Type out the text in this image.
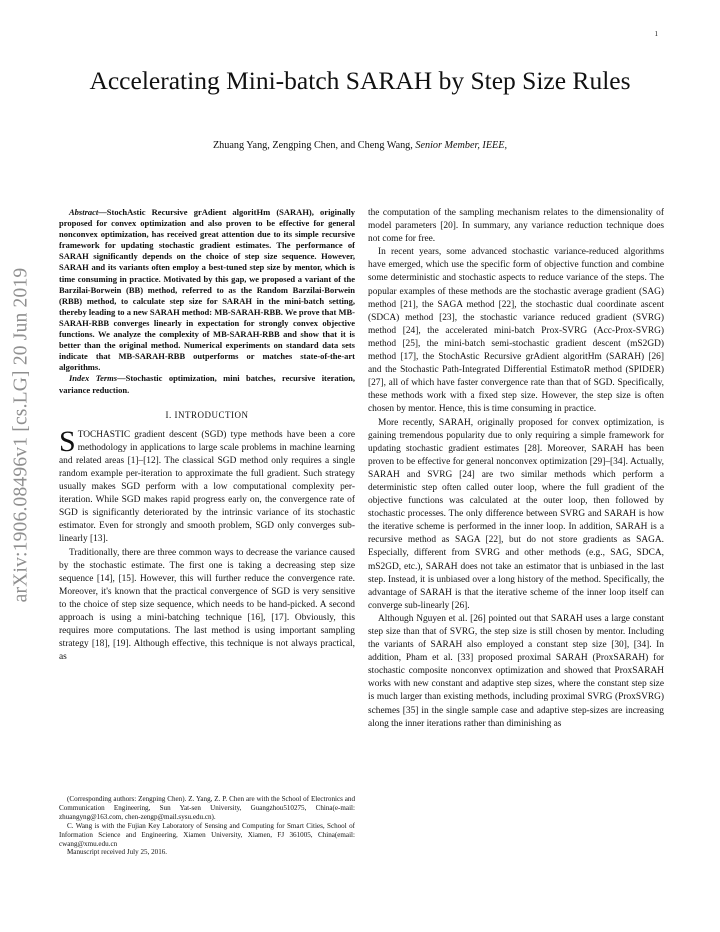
1
arXiv:1906.08496v1 [cs.LG] 20 Jun 2019
Accelerating Mini-batch SARAH by Step Size Rules
Zhuang Yang, Zengping Chen, and Cheng Wang, Senior Member, IEEE,

Abstract—StochAstic Recursive grAdient algoritHm (SARAH), originally proposed for convex optimization and also proven to be effective for general nonconvex optimization, has received great attention due to its simple recursive framework for updating stochastic gradient estimates. The performance of SARAH significantly depends on the choice of step size sequence. However, SARAH and its variants often employ a best-tuned step size by mentor, which is time consuming in practice. Motivated by this gap, we proposed a variant of the Barzilai-Borwein (BB) method, referred to as the Random Barzilai-Borwein (RBB) method, to calculate step size for SARAH in the mini-batch setting, thereby leading to a new SARAH method: MB-SARAH-RBB. We prove that MB-SARAH-RBB converges linearly in expectation for strongly convex objective functions. We analyze the complexity of MB-SARAH-RBB and show that it is better than the original method. Numerical experiments on standard data sets indicate that MB-SARAH-RBB outperforms or matches state-of-the-art algorithms.

Index Terms—Stochastic optimization, mini batches, recursive iteration, variance reduction.

I. INTRODUCTION

STOCHASTIC gradient descent (SGD) type methods have been a core methodology in applications to large scale problems in machine learning and related areas [1]–[12]. The classical SGD method only requires a single random example per-iteration to approximate the full gradient. Such strategy usually makes SGD perform with a low computational complexity per-iteration. While SGD makes rapid progress early on, the convergence rate of SGD is significantly deteriorated by the intrinsic variance of its stochastic estimator. Even for strongly and smooth problem, SGD only converges sub-linearly [13].

Traditionally, there are three common ways to decrease the variance caused by the stochastic estimate. The first one is taking a decreasing step size sequence [14], [15]. However, this will further reduce the convergence rate. Moreover, it's known that the practical convergence of SGD is very sensitive to the choice of step size sequence, which needs to be hand-picked. A second approach is using a mini-batching technique [16], [17]. Obviously, this requires more computations. The last method is using important sampling strategy [18], [19]. Although effective, this technique is not always practical, as

(Corresponding authors: Zengping Chen). Z. Yang, Z. P. Chen are with the School of Electronics and Communication Engineering, Sun Yat-sen University, Guangzhou510275, China(e-mail: zhuangyng@163.com, chen-zengp@mail.sysu.edu.cn).

C. Wang is with the Fujian Key Laboratory of Sensing and Computing for Smart Cities, School of Information Science and Engineering, Xiamen University, Xiamen, FJ 361005, China(email: cwang@xmu.edu.cn

Manuscript received July 25, 2016.

the computation of the sampling mechanism relates to the dimensionality of model parameters [20]. In summary, any variance reduction technique does not come for free.

In recent years, some advanced stochastic variance-reduced algorithms have emerged, which use the specific form of objective function and combine some deterministic and stochastic aspects to reduce variance of the steps. The popular examples of these methods are the stochastic average gradient (SAG) method [21], the SAGA method [22], the stochastic dual coordinate ascent (SDCA) method [23], the stochastic variance reduced gradient (SVRG) method [24], the accelerated mini-batch Prox-SVRG (Acc-Prox-SVRG) method [25], the mini-batch semi-stochastic gradient descent (mS2GD) method [17], the StochAstic Recursive grAdient algoritHm (SARAH) [26] and the Stochastic Path-Integrated Differential EstimatoR method (SPIDER) [27], all of which have faster convergence rate than that of SGD. Specifically, these methods work with a fixed step size. However, the step size is often chosen by mentor. Hence, this is time consuming in practice.

More recently, SARAH, originally proposed for convex optimization, is gaining tremendous popularity due to only requiring a simple framework for updating stochastic gradient estimates [28]. Moreover, SARAH has been proven to be effective for general nonconvex optimization [29]–[34]. Actually, SARAH and SVRG [24] are two similar methods which perform a deterministic step often called outer loop, where the full gradient of the objective functions was calculated at the outer loop, then followed by stochastic processes. The only difference between SVRG and SARAH is how the iterative scheme is performed in the inner loop. In addition, SARAH is a recursive method as SAGA [22], but do not store gradients as SAGA. Especially, different from SVRG and other methods (e.g., SAG, SDCA, mS2GD, etc.), SARAH does not take an estimator that is unbiased in the last step. Instead, it is unbiased over a long history of the method. Specifically, the advantage of SARAH is that the iterative scheme of the inner loop itself can converge sub-linearly [26].

Although Nguyen et al. [26] pointed out that SARAH uses a large constant step size than that of SVRG, the step size is still chosen by mentor. Including the variants of SARAH also employed a constant step size [30], [34]. In addition, Pham et al. [33] proposed proximal SARAH (ProxSARAH) for stochastic composite nonconvex optimization and showed that ProxSARAH works with new constant and adaptive step sizes, where the constant step size is much larger than existing methods, including proximal SVRG (ProxSVRG) schemes [35] in the single sample case and adaptive step-sizes are increasing along the inner iterations rather than diminishing as
